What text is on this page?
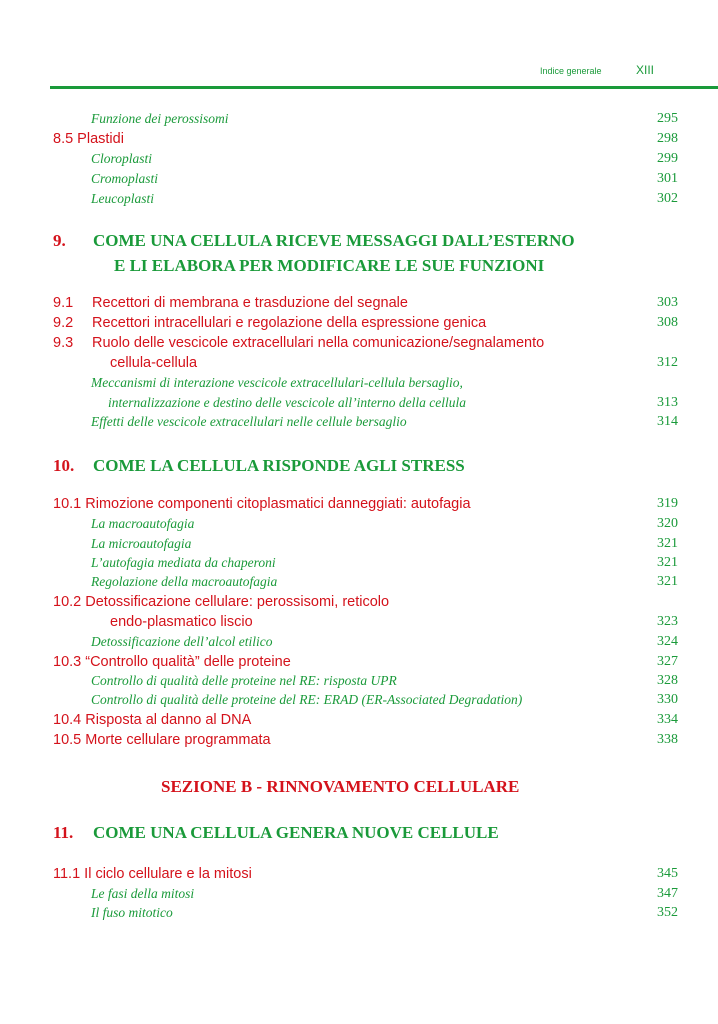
Indice generale	XIII
Funzione dei perossisomi	295
8.5 Plastidi	298
Cloroplasti	299
Cromoplasti	301
Leucoplasti	302
9. COME UNA CELLULA RICEVE MESSAGGI DALL’ESTERNO
E LI ELABORA PER MODIFICARE LE SUE FUNZIONI
9.1 Recettori di membrana e trasduzione del segnale	303
9.2 Recettori intracellulari e regolazione della espressione genica	308
9.3 Ruolo delle vescicole extracellulari nella comunicazione/segnalamento
cellula-cellula	312
Meccanismi di interazione vescicole extracellulari-cellula bersaglio,
internalizzazione e destino delle vescicole all’interno della cellula	313
Effetti delle vescicole extracellulari nelle cellule bersaglio	314
10. COME LA CELLULA RISPONDE AGLI STRESS
10.1 Rimozione componenti citoplasmatici danneggiati: autofagia	319
La macroautofagia	320
La microautofagia	321
L’autofagia mediata da chaperoni	321
Regolazione della macroautofagia	321
10.2 Detossificazione cellulare: perossisomi, reticolo
endo-plasmatico liscio	323
Detossificazione dell’alcol etilico	324
10.3 “Controllo qualità” delle proteine	327
Controllo di qualità delle proteine nel RE: risposta UPR	328
Controllo di qualità delle proteine del RE: ERAD (ER-Associated Degradation)	330
10.4 Risposta al danno al DNA	334
10.5 Morte cellulare programmata	338
SEZIONE B - RINNOVAMENTO CELLULARE
11. COME UNA CELLULA GENERA NUOVE CELLULE
11.1 Il ciclo cellulare e la mitosi	345
Le fasi della mitosi	347
Il fuso mitotico	352
